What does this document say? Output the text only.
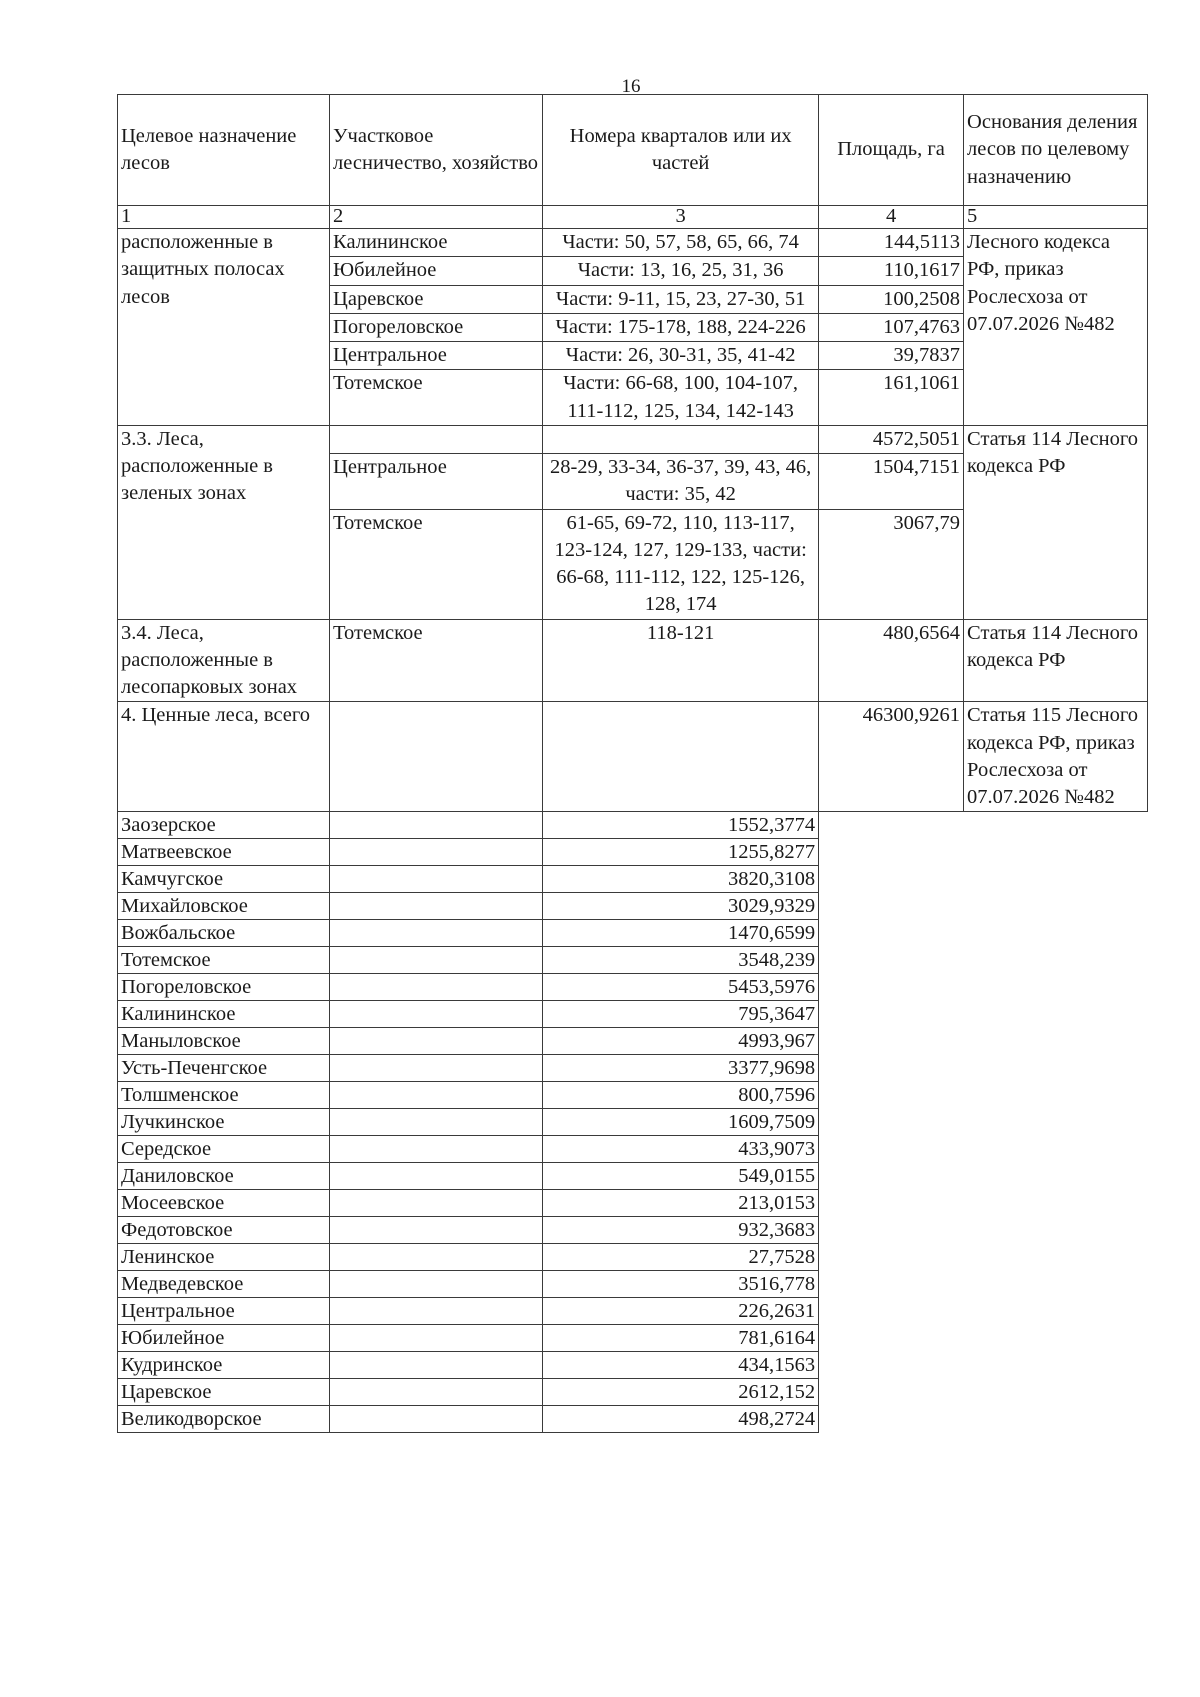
16
Целевое назначение лесов	Участковое лесничество, хозяйство	Номера кварталов или их частей	Площадь, га	Основания деления лесов по целевому назначению
1	2	3	4	5
расположенные в защитных полосах лесов	Калининское	Части: 50, 57, 58, 65, 66, 74	144,5113	Лесного кодекса РФ, приказ Рослесхоза от 07.07.2026 №482
	Юбилейное	Части: 13, 16, 25, 31, 36	110,1617	
	Царевское	Части: 9-11, 15, 23, 27-30, 51	100,2508	
	Погореловское	Части: 175-178, 188, 224-226	107,4763	
	Центральное	Части: 26, 30-31, 35, 41-42	39,7837	
	Тотемское	Части: 66-68, 100, 104-107, 111-112, 125, 134, 142-143	161,1061	
3.3. Леса, расположенные в зеленых зонах			4572,5051	Статья 114 Лесного кодекса РФ
	Центральное	28-29, 33-34, 36-37, 39, 43, 46, части: 35, 42	1504,7151	
	Тотемское	61-65, 69-72, 110, 113-117, 123-124, 127, 129-133, части: 66-68, 111-112, 122, 125-126, 128, 174	3067,79	
3.4. Леса, расположенные в лесопарковых зонах	Тотемское	118-121	480,6564	Статья 114 Лесного кодекса РФ
4. Ценные леса, всего			46300,9261	Статья 115 Лесного кодекса РФ, приказ Рослесхоза от 07.07.2026 №482
Заозерское		1552,3774		
Матвеевское		1255,8277		
Камчугское		3820,3108		
Михайловское		3029,9329		
Вожбальское		1470,6599		
Тотемское		3548,239		
Погореловское		5453,5976		
Калининское		795,3647		
Маныловское		4993,967		
Усть-Печенгское		3377,9698		
Толшменское		800,7596		
Лучкинское		1609,7509		
Середское		433,9073		
Даниловское		549,0155		
Мосеевское		213,0153		
Федотовское		932,3683		
Ленинское		27,7528		
Медведевское		3516,778		
Центральное		226,2631		
Юбилейное		781,6164		
Кудринское		434,1563		
Царевское		2612,152		
Великодворское		498,2724		
